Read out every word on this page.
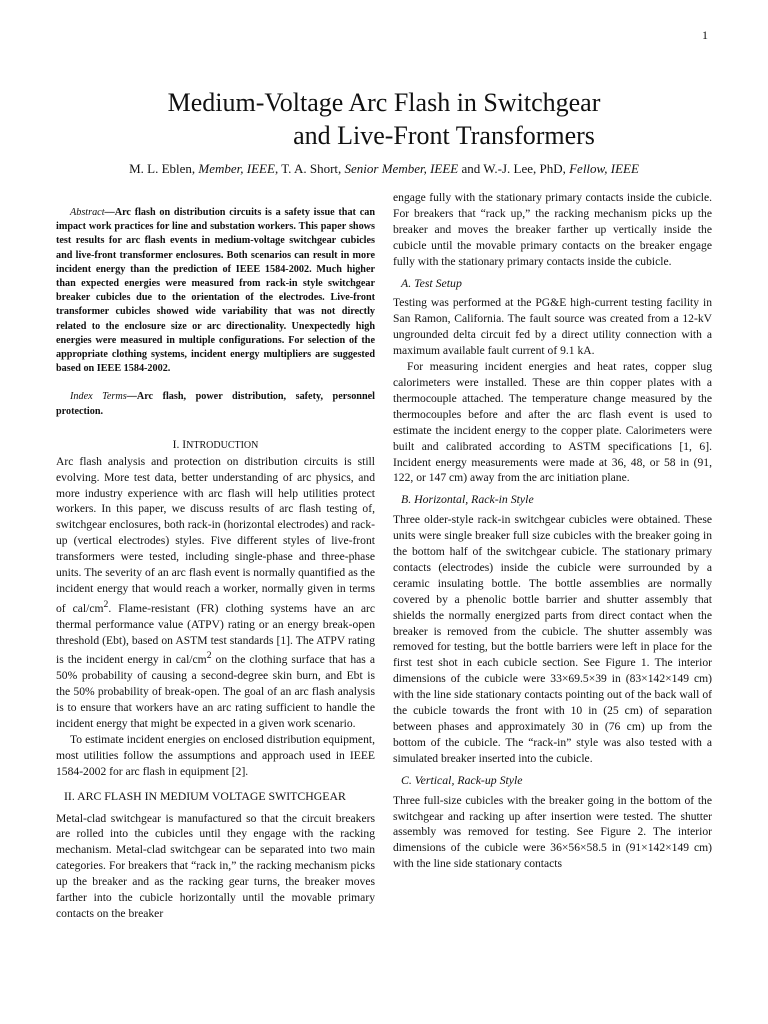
1
Medium-Voltage Arc Flash in Switchgear
and Live-Front Transformers
M. L. Eblen, Member, IEEE, T. A. Short, Senior Member, IEEE and W.-J. Lee, PhD, Fellow, IEEE

Abstract—Arc flash on distribution circuits is a safety issue that can impact work practices for line and substation workers. This paper shows test results for arc flash events in medium-voltage switchgear cubicles and live-front transformer enclosures. Both scenarios can result in more incident energy than the prediction of IEEE 1584-2002. Much higher than expected energies were measured from rack-in style switchgear breaker cubicles due to the orientation of the electrodes. Live-front transformer cubicles showed wide variability that was not directly related to the enclosure size or arc directionality. Unexpectedly high energies were measured in multiple configurations. For selection of the appropriate clothing systems, incident energy multipliers are suggested based on IEEE 1584-2002.

Index Terms—Arc flash, power distribution, safety, personnel protection.

I. INTRODUCTION

Arc flash analysis and protection on distribution circuits is still evolving. More test data, better understanding of arc physics, and more industry experience with arc flash will help utilities protect workers. In this paper, we discuss results of arc flash testing of, switchgear enclosures, both rack-in (horizontal electrodes) and rack-up (vertical electrodes) styles. Five different styles of live-front transformers were tested, including single-phase and three-phase units. The severity of an arc flash event is normally quantified as the incident energy that would reach a worker, normally given in terms of cal/$cm^2$. Flame-resistant (FR) clothing systems have an arc thermal performance value (ATPV) rating or an energy break-open threshold (Ebt), based on ASTM test standards [1]. The ATPV rating is the incident energy in cal/$cm^2$ on the clothing surface that has a 50% probability of causing a second-degree skin burn, and Ebt is the 50% probability of break-open. The goal of an arc flash analysis is to ensure that workers have an arc rating sufficient to handle the incident energy that might be expected in a given work scenario.

To estimate incident energies on enclosed distribution equipment, most utilities follow the assumptions and approach used in IEEE 1584-2002 for arc flash in equipment [2].

II. ARC FLASH IN MEDIUM VOLTAGE SWITCHGEAR

Metal-clad switchgear is manufactured so that the circuit breakers are rolled into the cubicles until they engage with the racking mechanism. Metal-clad switchgear can be separated into two main categories. For breakers that “rack in,” the racking mechanism picks up the breaker and as the racking gear turns, the breaker moves farther into the cubicle horizontally until the movable primary contacts on the breaker

engage fully with the stationary primary contacts inside the cubicle. For breakers that “rack up,” the racking mechanism picks up the breaker and moves the breaker farther up vertically inside the cubicle until the movable primary contacts on the breaker engage fully with the stationary primary contacts inside the cubicle.

A. Test Setup

Testing was performed at the PG&E high-current testing facility in San Ramon, California. The fault source was created from a 12-kV ungrounded delta circuit fed by a direct utility connection with a maximum available fault current of 9.1 kA.

For measuring incident energies and heat rates, copper slug calorimeters were installed. These are thin copper plates with a thermocouple attached. The temperature change measured by the thermocouples before and after the arc flash event is used to estimate the incident energy to the copper plate. Calorimeters were built and calibrated according to ASTM specifications [1, 6]. Incident energy measurements were made at 36, 48, or 58 in (91, 122, or 147 cm) away from the arc initiation plane.

B. Horizontal, Rack-in Style

Three older-style rack-in switchgear cubicles were obtained. These units were single breaker full size cubicles with the breaker going in the bottom half of the switchgear cubicle. The stationary primary contacts (electrodes) inside the cubicle were surrounded by a ceramic insulating bottle. The bottle assemblies are normally covered by a phenolic bottle barrier and shutter assembly that shields the normally energized parts from direct contact when the breaker is removed from the cubicle. The shutter assembly was removed for testing, but the bottle barriers were left in place for the first test shot in each cubicle section. See Figure 1. The interior dimensions of the cubicle were 33×69.5×39 in (83×142×149 cm) with the line side stationary contacts pointing out of the back wall of the cubicle towards the front with 10 in (25 cm) of separation between phases and approximately 30 in (76 cm) up from the bottom of the cubicle. The “rack-in” style was also tested with a simulated breaker inserted into the cubicle.

C. Vertical, Rack-up Style

Three full-size cubicles with the breaker going in the bottom of the switchgear and racking up after insertion were tested. The shutter assembly was removed for testing. See Figure 2. The interior dimensions of the cubicle were 36×56×58.5 in (91×142×149 cm) with the line side stationary contacts
